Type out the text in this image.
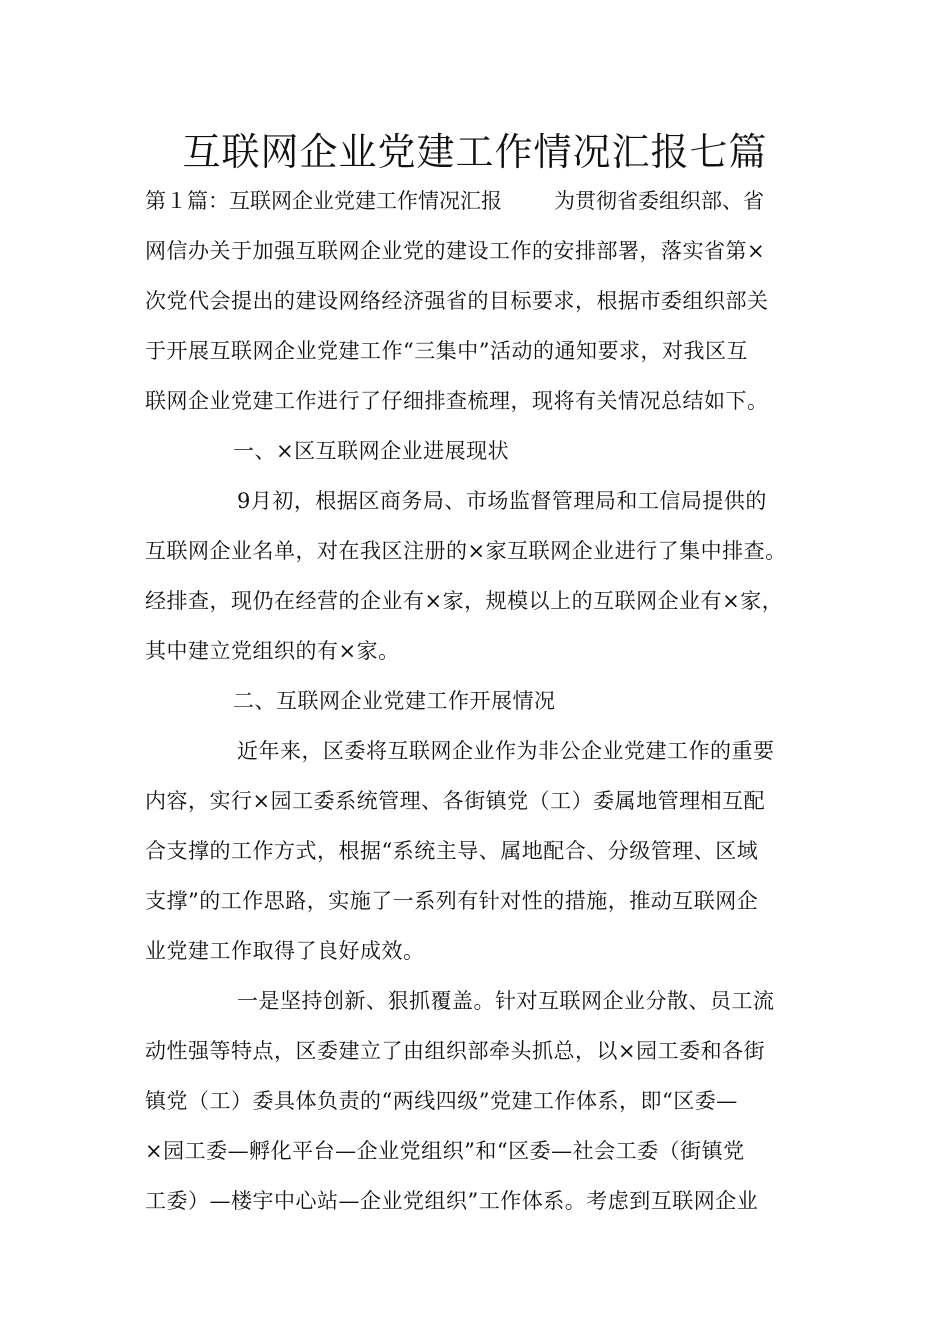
互联网企业党建工作情况汇报七篇
第１篇：互联网企业党建工作情况汇报 为贯彻省委组织部、省
网信办关于加强互联网企业党的建设工作的安排部署，落实省第×
次党代会提出的建设网络经济强省的目标要求，根据市委组织部关
于开展互联网企业党建工作“三集中”活动的通知要求，对我区互
联网企业党建工作进行了仔细排查梳理，现将有关情况总结如下。
一、×区互联网企业进展现状
9月初，根据区商务局、市场监督管理局和工信局提供的
互联网企业名单，对在我区注册的×家互联网企业进行了集中排查。
经排查，现仍在经营的企业有×家，规模以上的互联网企业有×家，
其中建立党组织的有×家。
二、互联网企业党建工作开展情况
近年来，区委将互联网企业作为非公企业党建工作的重要
内容，实行×园工委系统管理、各街镇党（工）委属地管理相互配
合支撑的工作方式，根据“系统主导、属地配合、分级管理、区域
支撑”的工作思路，实施了一系列有针对性的措施，推动互联网企
业党建工作取得了良好成效。
一是坚持创新、狠抓覆盖。针对互联网企业分散、员工流
动性强等特点，区委建立了由组织部牵头抓总，以×园工委和各街
镇党（工）委具体负责的“两线四级”党建工作体系，即“区委—
×园工委—孵化平台—企业党组织”和“区委—社会工委（街镇党
工委）—楼宇中心站—企业党组织”工作体系。考虑到互联网企业
